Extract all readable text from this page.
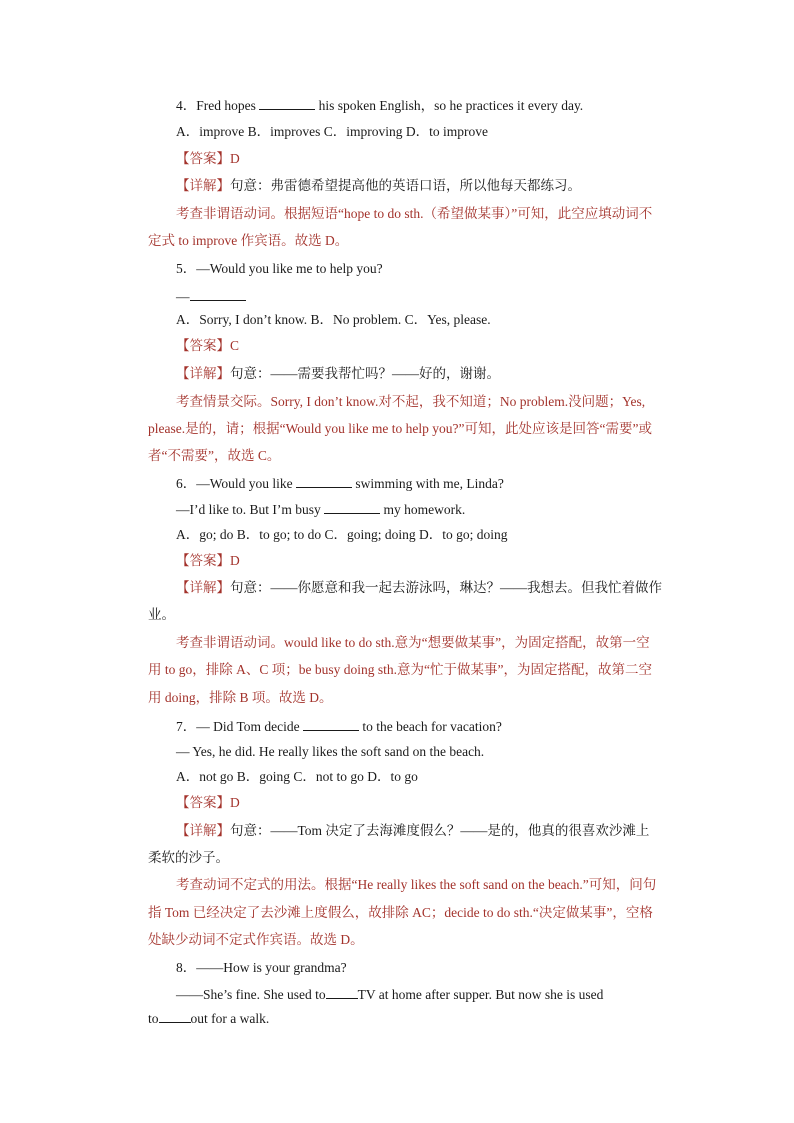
4．Fred hopes	his spoken English，so he practices it every day.
A．improve B．improves C．improving D．to improve
【答案】D
【详解】句意：弗雷德希望提高他的英语口语，所以他每天都练习。
考查非谓语动词。根据短语“hope to do sth.（希望做某事）”可知，此空应填动词不
定式 to improve 作宾语。故选 D。
5．—Would you like me to help you?
—
A．Sorry, I don’t know. B．No problem. C．Yes, please.
【答案】C
【详解】句意：——需要我帮忙吗？——好的，谢谢。
考查情景交际。Sorry, I don’t know.对不起，我不知道；No problem.没问题；Yes,
please.是的，请；根据“Would you like me to help you?”可知，此处应该是回答“需要”或
者“不需要”，故选 C。
6．—Would you like	swimming with me, Linda?
—I’d like to. But I’m busy	my homework.
A．go; do B．to go; to do C．going; doing D．to go; doing
【答案】D
【详解】句意：——你愿意和我一起去游泳吗，琳达？——我想去。但我忙着做作
业。
考查非谓语动词。would like to do sth.意为“想要做某事”，为固定搭配，故第一空
用 to go，排除 A、C 项；be busy doing sth.意为“忙于做某事”，为固定搭配，故第二空
用 doing，排除 B 项。故选 D。
7．— Did Tom decide	to the beach for vacation?
— Yes, he did. He really likes the soft sand on the beach.
A．not go B．going C．not to go D．to go
【答案】D
【详解】句意：——Tom 决定了去海滩度假么？——是的，他真的很喜欢沙滩上
柔软的沙子。
考查动词不定式的用法。根据“He really likes the soft sand on the beach.”可知，问句
指 Tom 已经决定了去沙滩上度假么，故排除 AC；decide to do sth.“决定做某事”，空格
处缺少动词不定式作宾语。故选 D。
8．——How is your grandma?
——She’s fine. She used to TV at home after supper. But now she is used
to out for a walk.
